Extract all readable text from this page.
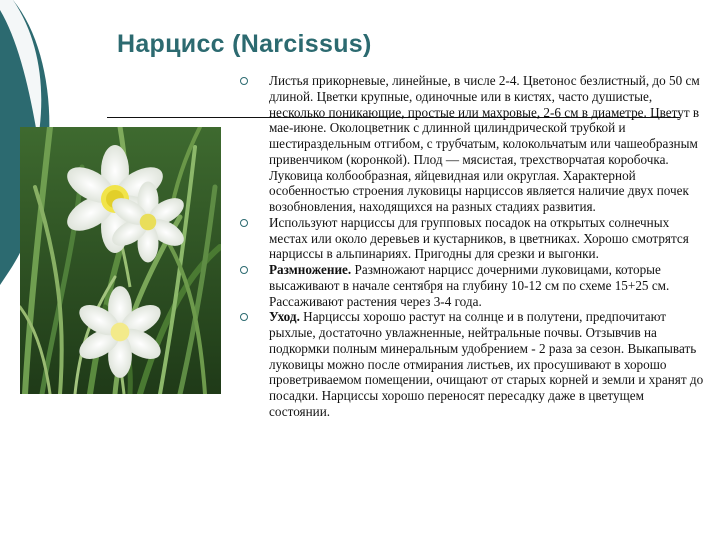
Нарцисс (Narcissus)
Листья прикорневые, линейные, в числе 2-4. Цветонос безлистный, до 50 см длиной. Цветки крупные, одиночные или в кистях, часто душистые, несколько поникающие, простые или махровые, 2-6 см в диаметре. Цветут в мае-июне. Околоцветник с длинной цилиндрической трубкой и шестираздельным отгибом, с трубчатым, колокольчатым или чашеобразным привенчиком (коронкой). Плод — мясистая, трехстворчатая коробочка. Луковица колбообразная, яйцевидная или округлая. Характерной особенностью строения луковицы нарциссов является наличие двух почек возобновления, находящихся на разных стадиях развития.
Используют нарциссы для групповых посадок на открытых солнечных местах или около деревьев и кустарников, в цветниках. Хорошо смотрятся нарциссы в альпинариях. Пригодны для срезки и выгонки.
Размножение. Размножают нарцисс дочерними луковицами, которые высаживают в начале сентября на глубину 10-12 см по схеме 15+25 см. Рассаживают растения через 3-4 года.
Уход. Нарциссы хорошо растут на солнце и в полутени, предпочитают рыхлые, достаточно увлажненные, нейтральные почвы. Отзывчив на подкормки полным минеральным удобрением - 2 раза за сезон. Выкапывать луковицы можно после отмирания листьев, их просушивают в хорошо проветриваемом помещении, очищают от старых корней и земли и хранят до посадки. Нарциссы хорошо переносят пересадку даже в цветущем состоянии.
